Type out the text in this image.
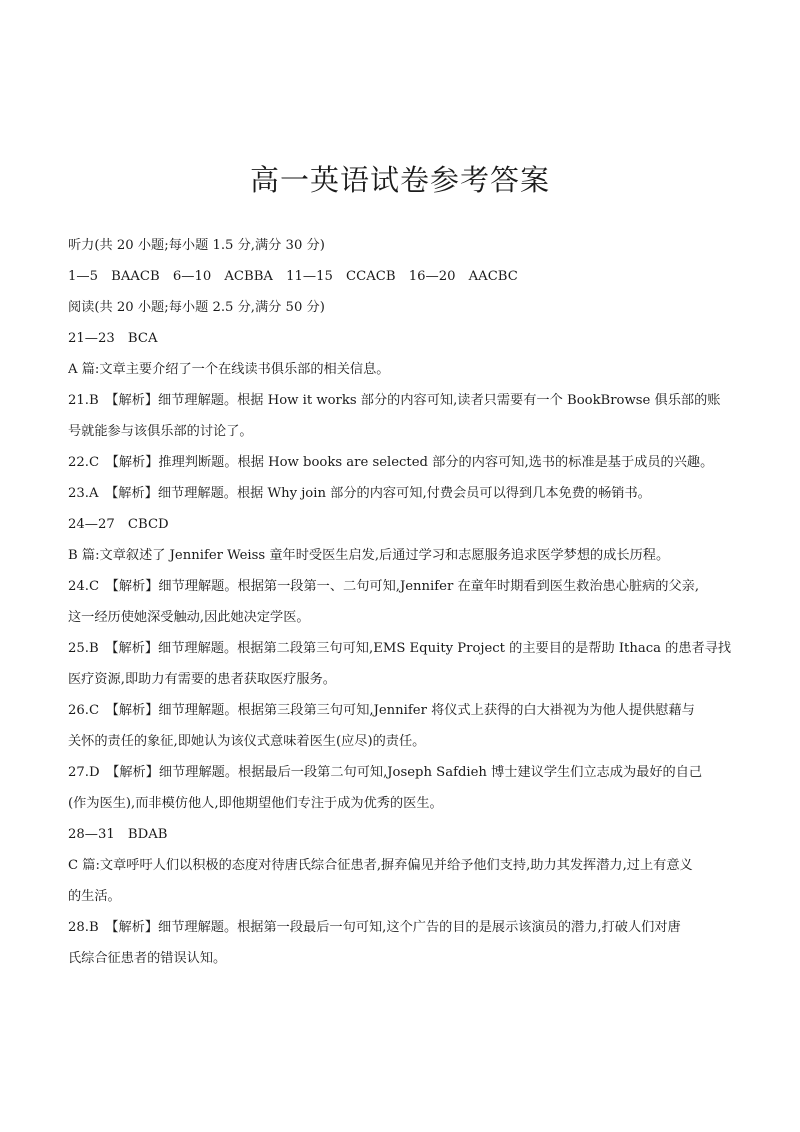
高一英语试卷参考答案
听力(共 20 小题;每小题 1.5 分,满分 30 分)
1—5　BAACB　6—10　ACBBA　11—15　CCACB　16—20　AACBC
阅读(共 20 小题;每小题 2.5 分,满分 50 分)
21—23　BCA
A 篇:文章主要介绍了一个在线读书俱乐部的相关信息。
21.B　【解析】细节理解题。根据 How it works 部分的内容可知,读者只需要有一个 BookBrowse 俱乐部的账
号就能参与该俱乐部的讨论了。
22.C　【解析】推理判断题。根据 How books are selected 部分的内容可知,选书的标准是基于成员的兴趣。
23.A　【解析】细节理解题。根据 Why join 部分的内容可知,付费会员可以得到几本免费的畅销书。
24—27　CBCD
B 篇:文章叙述了 Jennifer Weiss 童年时受医生启发,后通过学习和志愿服务追求医学梦想的成长历程。
24.C　【解析】细节理解题。根据第一段第一、二句可知,Jennifer 在童年时期看到医生救治患心脏病的父亲,
这一经历使她深受触动,因此她决定学医。
25.B　【解析】细节理解题。根据第二段第三句可知,EMS Equity Project 的主要目的是帮助 Ithaca 的患者寻找
医疗资源,即助力有需要的患者获取医疗服务。
26.C　【解析】细节理解题。根据第三段第三句可知,Jennifer 将仪式上获得的白大褂视为为他人提供慰藉与
关怀的责任的象征,即她认为该仪式意味着医生(应尽)的责任。
27.D　【解析】细节理解题。根据最后一段第二句可知,Joseph Safdieh 博士建议学生们立志成为最好的自己
(作为医生),而非模仿他人,即他期望他们专注于成为优秀的医生。
28—31　BDAB
C 篇:文章呼吁人们以积极的态度对待唐氏综合征患者,摒弃偏见并给予他们支持,助力其发挥潜力,过上有意义
的生活。
28.B　【解析】细节理解题。根据第一段最后一句可知,这个广告的目的是展示该演员的潜力,打破人们对唐
氏综合征患者的错误认知。
